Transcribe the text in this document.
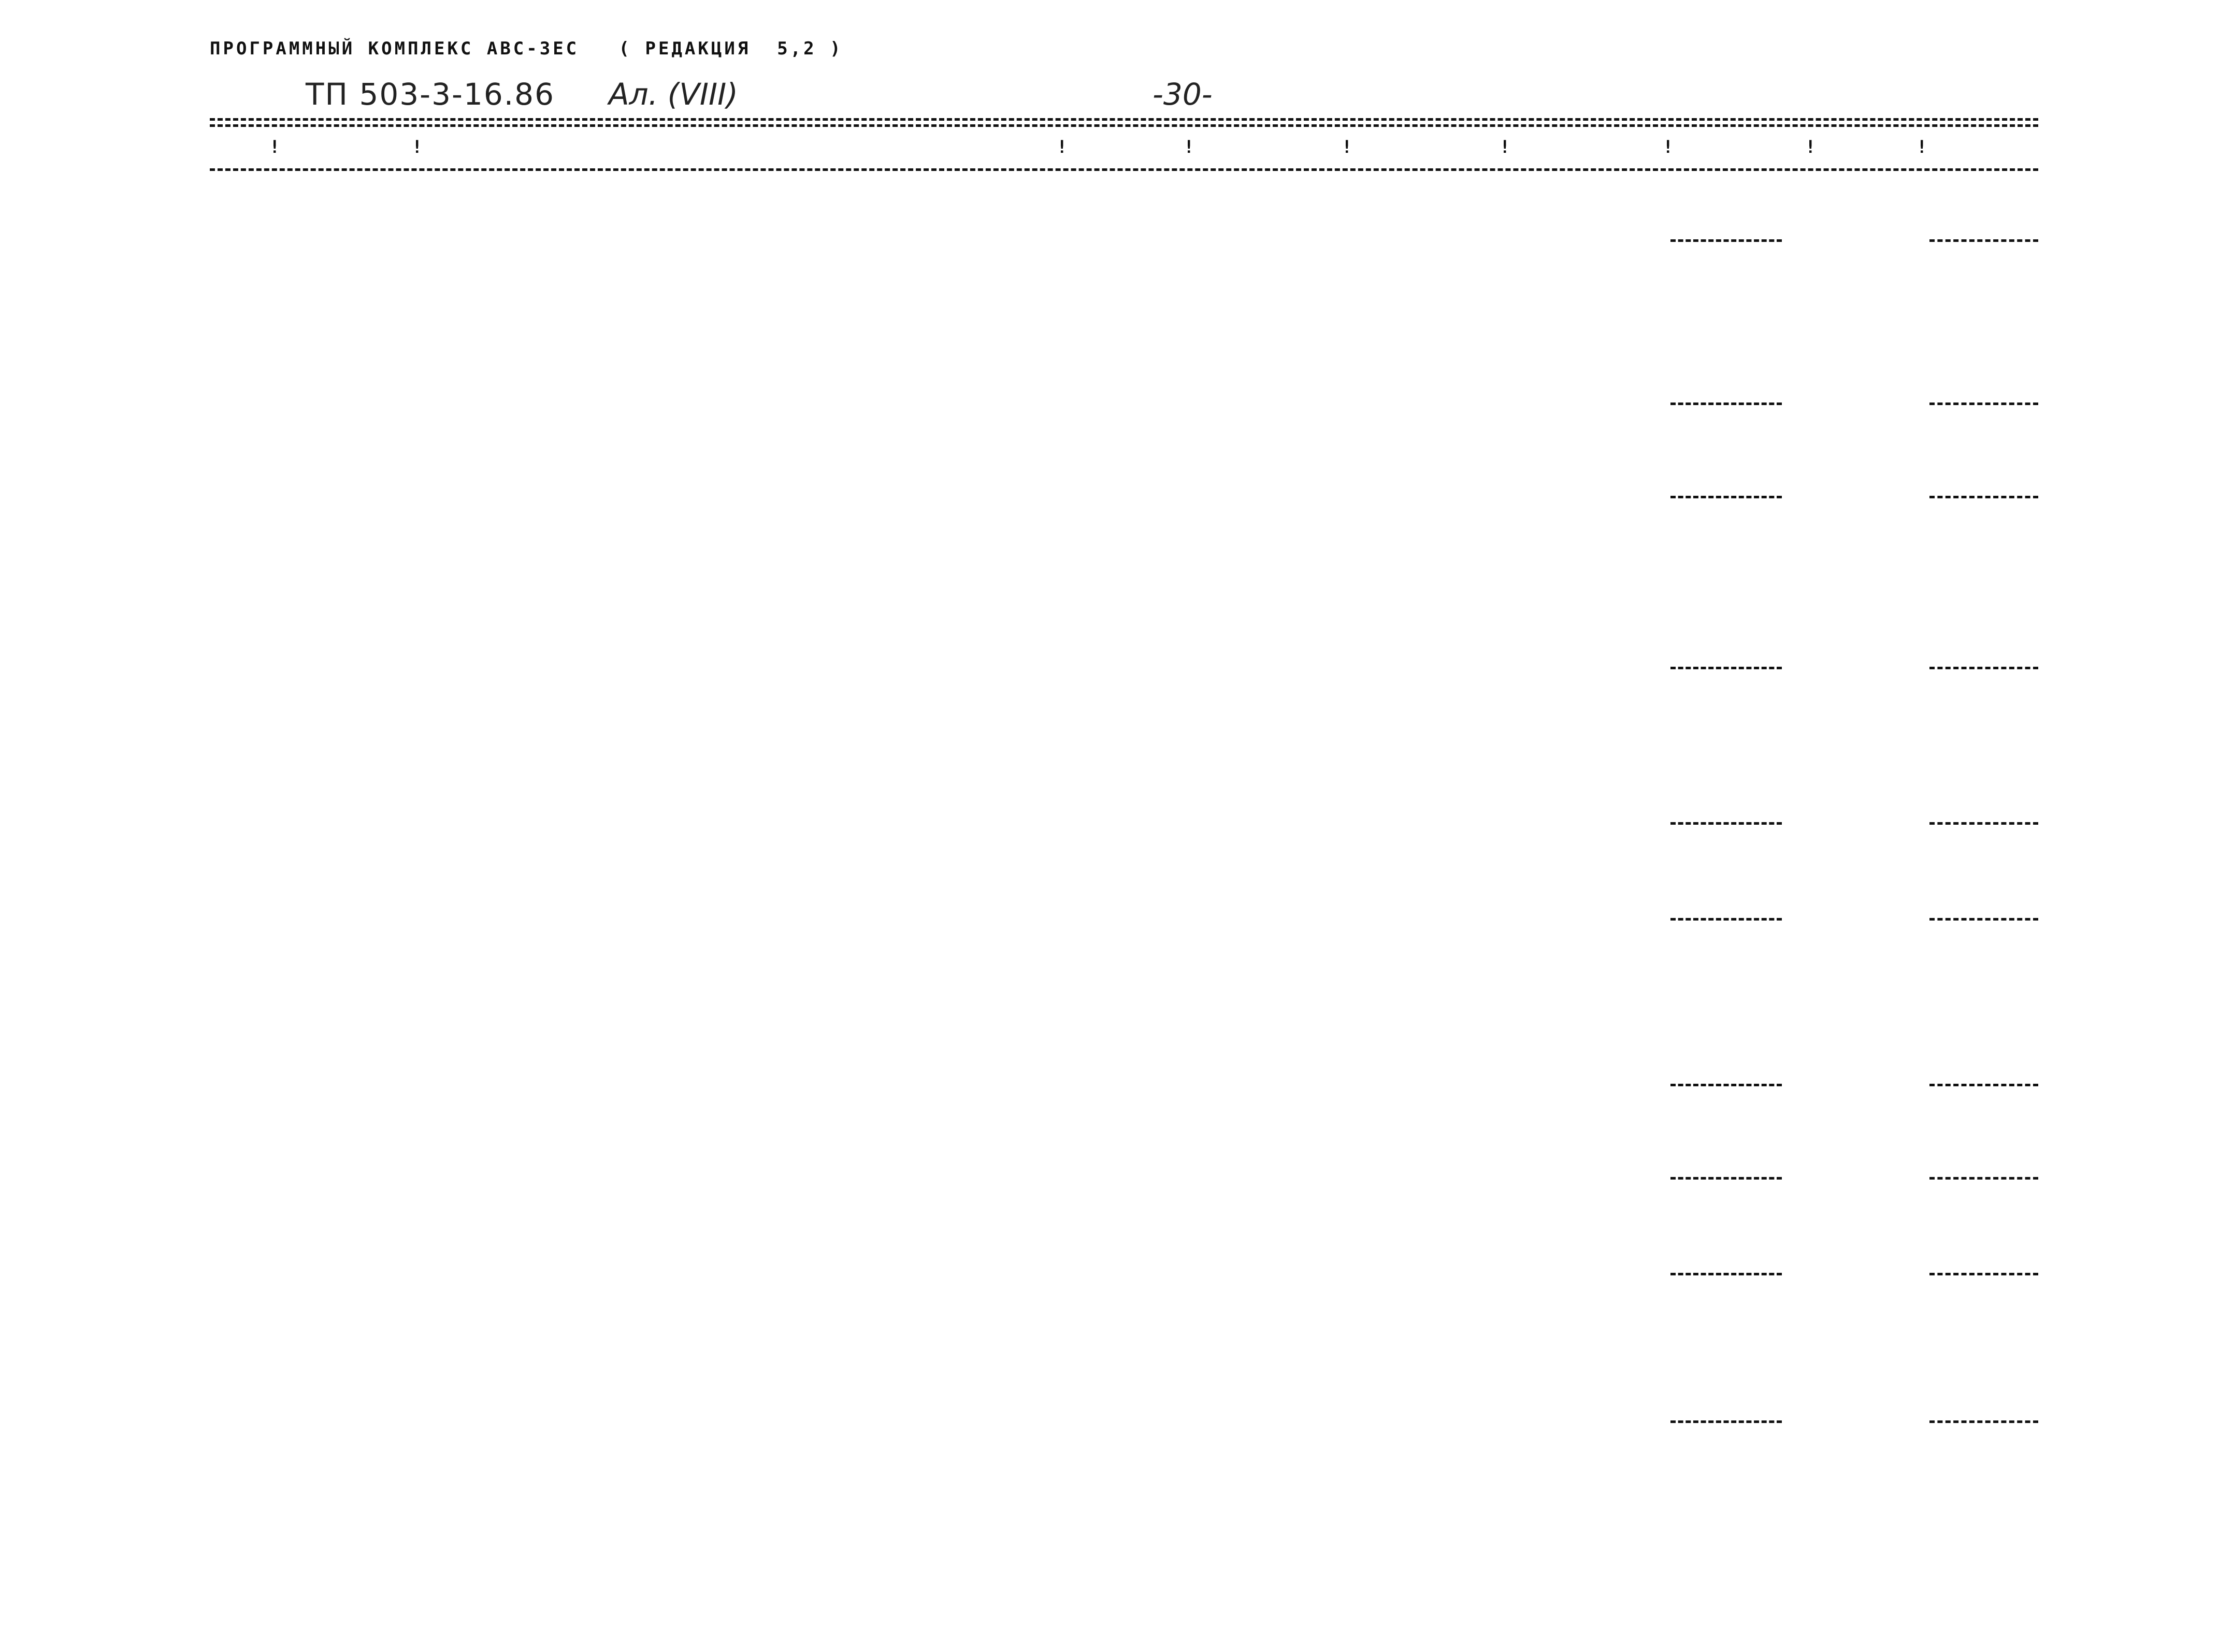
ПРОГРАММНЫЙ КОМПЛЕКС АВС-3ЕС   ( РЕДАКЦИЯ  5,2 )
ТП 503-3-16.86 Ал. (VIII)	-30-
!	!	!	!	!	!	!	!	!
